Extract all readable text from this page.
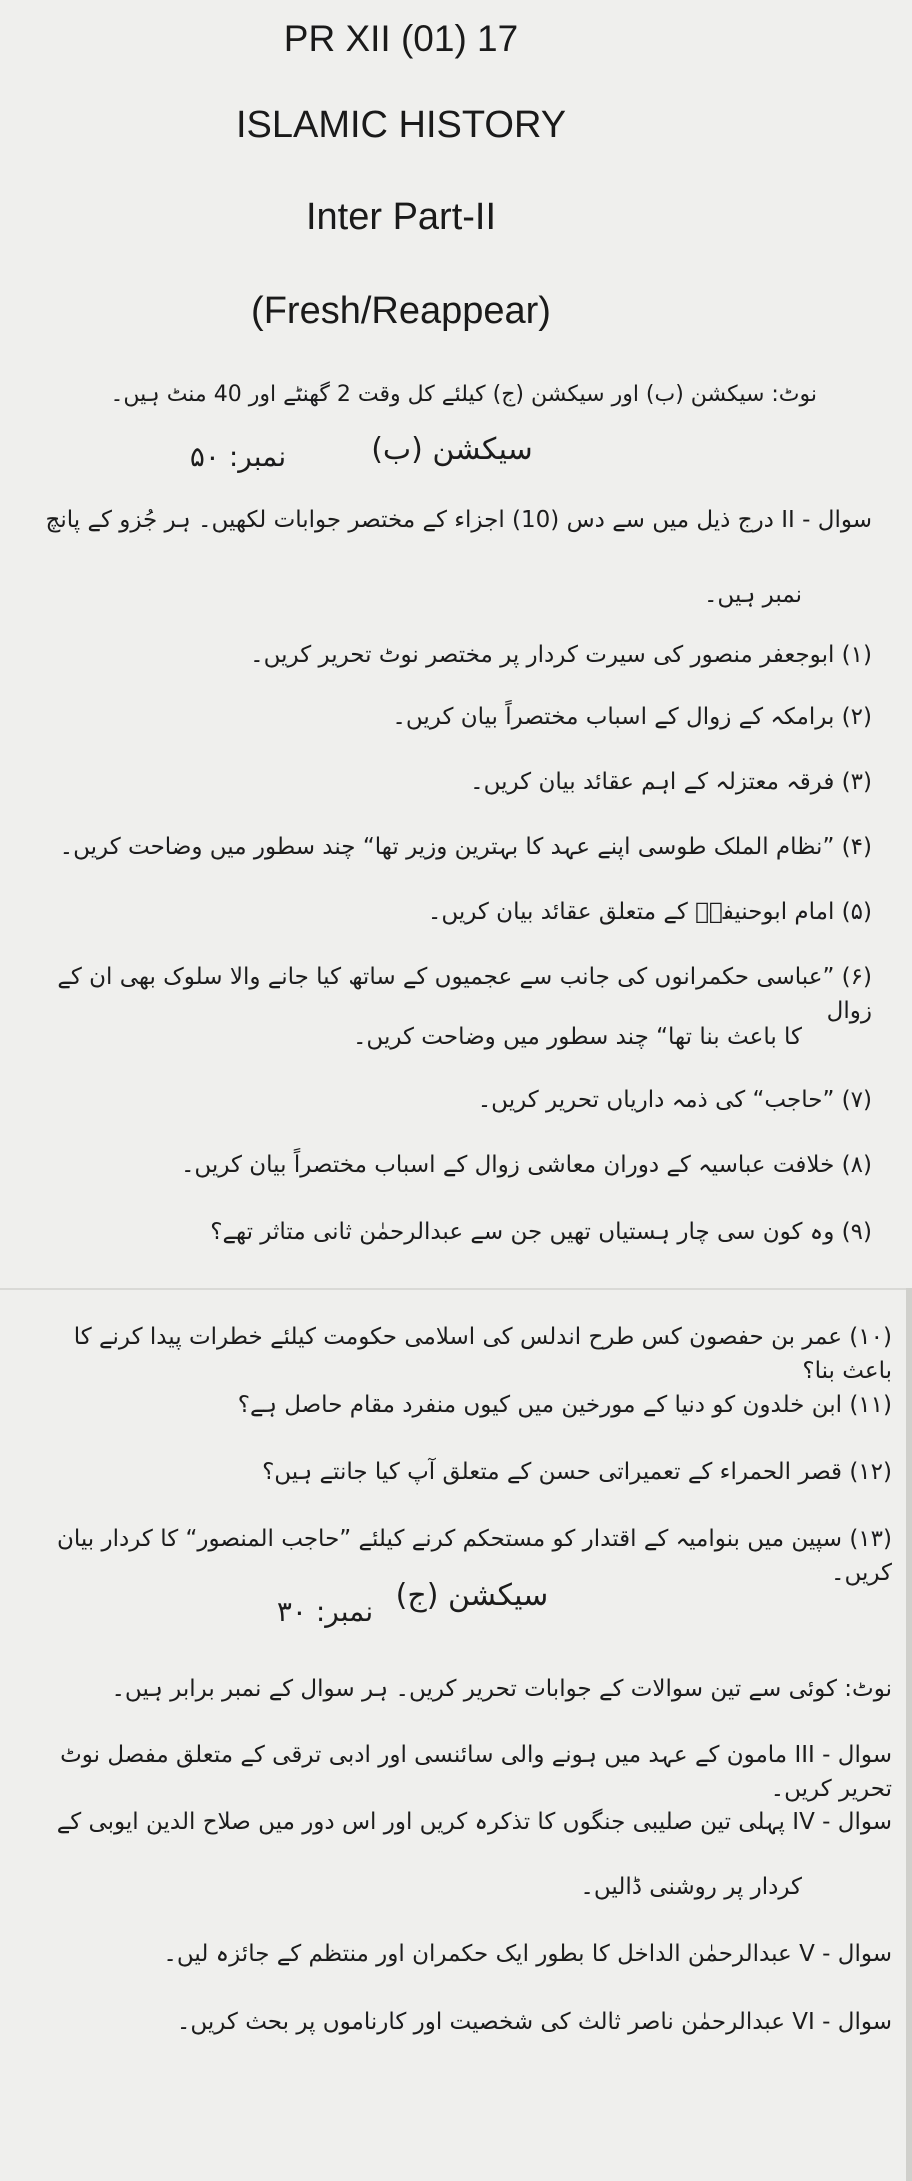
PR XII (01) 17
ISLAMIC HISTORY
Inter Part-II
(Fresh/Reappear)
نوٹ: سیکشن (ب) اور سیکشن (ج) کیلئے کل وقت 2 گھنٹے اور 40 منٹ ہیں۔
سیکشن (ب)
نمبر: ۵۰
سوال - II درج ذیل میں سے دس (10) اجزاء کے مختصر جوابات لکھیں۔ ہر جُزو کے پانچ
نمبر ہیں۔
(۱) ابوجعفر منصور کی سیرت کردار پر مختصر نوٹ تحریر کریں۔
(۲) برامکہ کے زوال کے اسباب مختصراً بیان کریں۔
(۳) فرقہ معتزلہ کے اہم عقائد بیان کریں۔
(۴) ”نظام الملک طوسی اپنے عہد کا بہترین وزیر تھا“ چند سطور میں وضاحت کریں۔
(۵) امام ابوحنیفہؒ کے متعلق عقائد بیان کریں۔
(۶) ”عباسی حکمرانوں کی جانب سے عجمیوں کے ساتھ کیا جانے والا سلوک بھی ان کے زوال
کا باعث بنا تھا“ چند سطور میں وضاحت کریں۔
(۷) ”حاجب“ کی ذمہ داریاں تحریر کریں۔
(۸) خلافت عباسیہ کے دوران معاشی زوال کے اسباب مختصراً بیان کریں۔
(۹) وہ کون سی چار ہستیاں تھیں جن سے عبدالرحمٰن ثانی متاثر تھے؟
(۱۰) عمر بن حفصون کس طرح اندلس کی اسلامی حکومت کیلئے خطرات پیدا کرنے کا باعث بنا؟
(۱۱) ابن خلدون کو دنیا کے مورخین میں کیوں منفرد مقام حاصل ہے؟
(۱۲) قصر الحمراء کے تعمیراتی حسن کے متعلق آپ کیا جانتے ہیں؟
(۱۳) سپین میں بنوامیہ کے اقتدار کو مستحکم کرنے کیلئے ”حاجب المنصور“ کا کردار بیان کریں۔
سیکشن (ج)
نمبر: ۳۰
نوٹ: کوئی سے تین سوالات کے جوابات تحریر کریں۔ ہر سوال کے نمبر برابر ہیں۔
سوال - III مامون کے عہد میں ہونے والی سائنسی اور ادبی ترقی کے متعلق مفصل نوٹ تحریر کریں۔
سوال - IV پہلی تین صلیبی جنگوں کا تذکرہ کریں اور اس دور میں صلاح الدین ایوبی کے
کردار پر روشنی ڈالیں۔
سوال - V عبدالرحمٰن الداخل کا بطور ایک حکمران اور منتظم کے جائزہ لیں۔
سوال - VI عبدالرحمٰن ناصر ثالث کی شخصیت اور کارناموں پر بحث کریں۔
